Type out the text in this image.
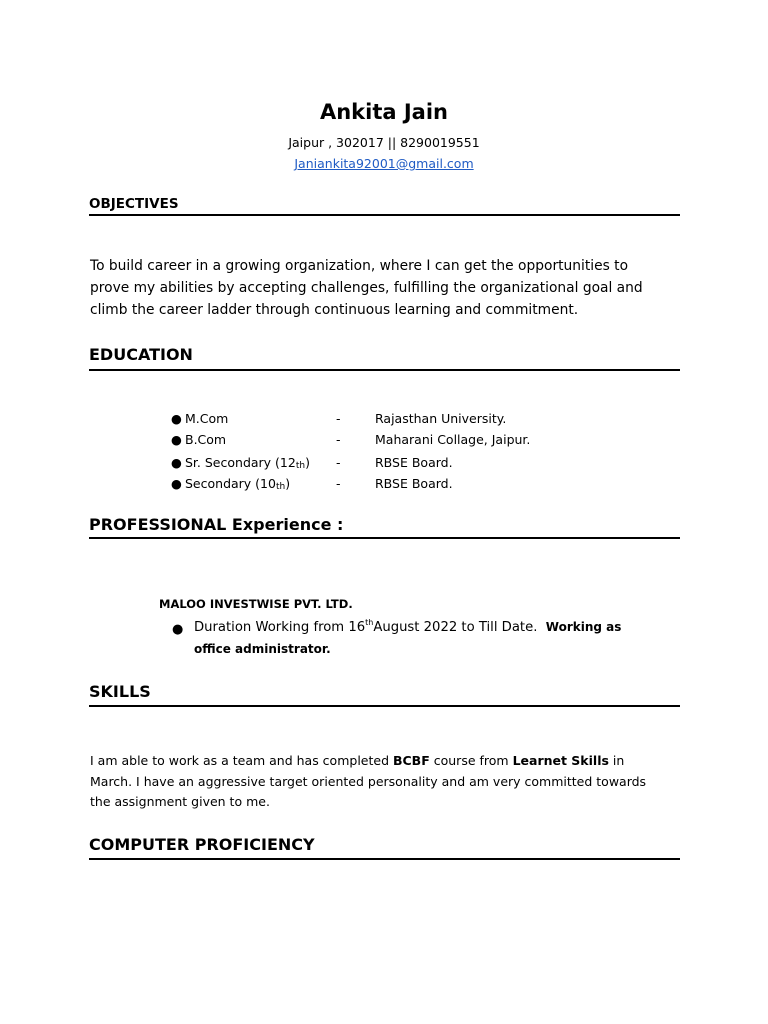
Ankita Jain
Jaipur , 302017 || 8290019551
Janiankita92001@gmail.com
OBJECTIVES
To build career in a growing organization, where I can get the opportunities to prove my abilities by accepting challenges, fulfilling the organizational goal and climb the career ladder through continuous learning and commitment.
EDUCATION
● M.Com	-	Rajasthan University.
● B.Com	-	Maharani Collage, Jaipur.
● Sr. Secondary $(12_{th})$ -	RBSE Board.
● Secondary $(10_{th})$	-	RBSE Board.
PROFESSIONAL Experience :
MALOO INVESTWISE PVT. LTD.
● Duration Working from 16thAugust 2022 to Till Date. Working as
office administrator.
SKILLS
I am able to work as a team and has completed BCBF course from Learnet Skills in March. I have an aggressive target oriented personality and am very committed towards the assignment given to me.
COMPUTER PROFICIENCY
